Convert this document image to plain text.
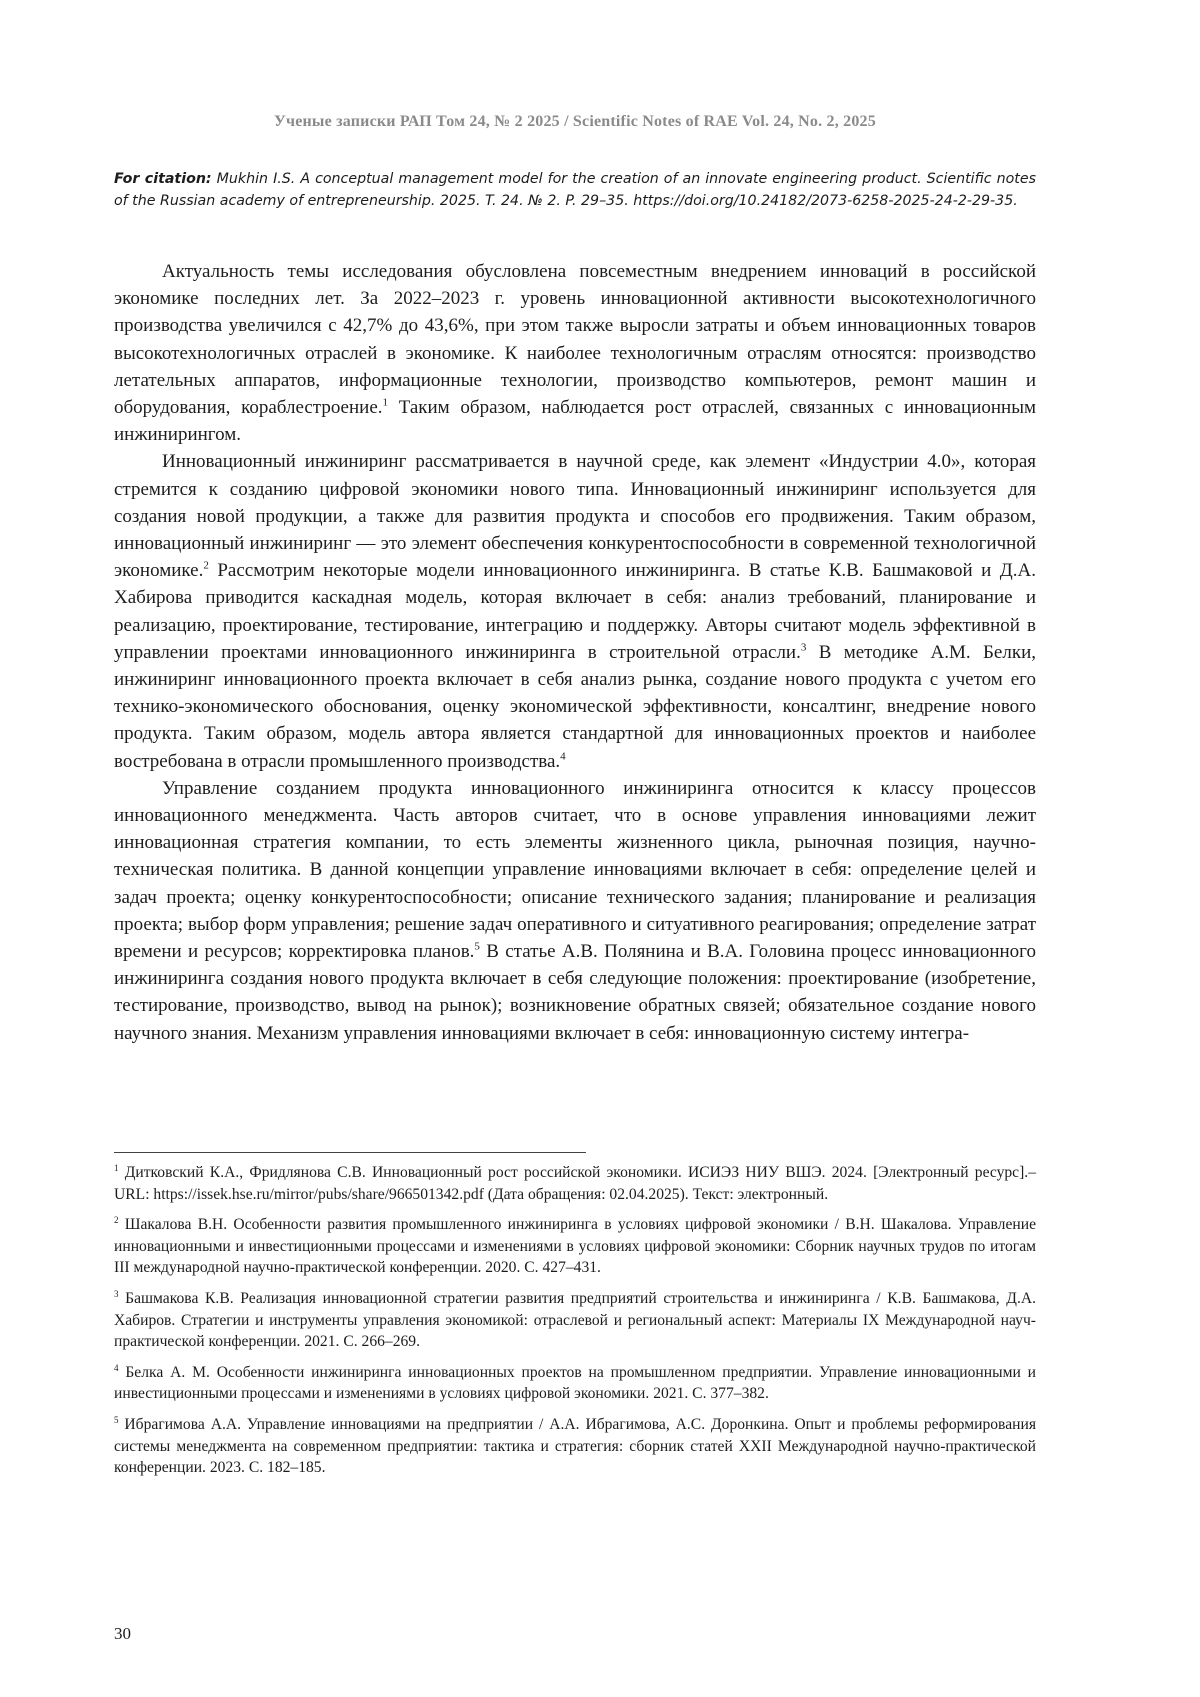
Ученые записки РАП Том 24, № 2 2025 / Scientific Notes of RAE Vol. 24, No. 2, 2025
For citation: Mukhin I.S. A conceptual management model for the creation of an innovate engineering product. Scientific notes of the Russian academy of entrepreneurship. 2025. T. 24. № 2. P. 29–35. https://doi.org/10.24182/2073-6258-2025-24-2-29-35.

Актуальность темы исследования обусловлена повсеместным внедрением инноваций в российской экономике последних лет. За 2022–2023 г. уровень инновационной активности высокотехнологичного производства увеличился с 42,7% до 43,6%, при этом также выросли затраты и объем инновационных товаров высокотехнологичных отраслей в экономике. К наиболее технологичным отраслям относятся: производство летательных аппаратов, информационные технологии, производство компьютеров, ремонт машин и оборудования, кораблестроение.$^1$ Таким образом, наблюдается рост отраслей, связанных с инновационным инжинирингом.

Инновационный инжиниринг рассматривается в научной среде, как элемент «Индустрии 4.0», которая стремится к созданию цифровой экономики нового типа. Инновационный инжиниринг используется для создания новой продукции, а также для развития продукта и способов его продвижения. Таким образом, инновационный инжиниринг — это элемент обеспечения конкурентоспособности в современной технологичной экономике.$^2$ Рассмотрим некоторые модели инновационного инжиниринга. В статье К.В. Башмаковой и Д.А. Хабирова приводится каскадная модель, которая включает в себя: анализ требований, планирование и реализацию, проектирование, тестирование, интеграцию и поддержку. Авторы считают модель эффективной в управлении проектами инновационного инжиниринга в строительной отрасли.$^3$ В методике А.М. Белки, инжиниринг инновационного проекта включает в себя анализ рынка, создание нового продукта с учетом его технико-экономического обоснования, оценку экономической эффективности, консалтинг, внедрение нового продукта. Таким образом, модель автора является стандартной для инновационных проектов и наиболее востребована в отрасли промышленного производства.$^4$

Управление созданием продукта инновационного инжиниринга относится к классу процессов инновационного менеджмента. Часть авторов считает, что в основе управления инновациями лежит инновационная стратегия компании, то есть элементы жизненного цикла, рыночная позиция, научно-техническая политика. В данной концепции управление инновациями включает в себя: определение целей и задач проекта; оценку конкурентоспособности; описание технического задания; планирование и реализация проекта; выбор форм управления; решение задач оперативного и ситуативного реагирования; определение затрат времени и ресурсов; корректировка планов.$^5$ В статье А.В. Полянина и В.А. Головина процесс инновационного инжиниринга создания нового продукта включает в себя следующие положения: проектирование (изобретение, тестирование, производство, вывод на рынок); возникновение обратных связей; обязательное создание нового научного знания. Механизм управления инновациями включает в себя: инновационную систему интегра-

$^1$ Дитковский К.А., Фридлянова С.В. Инновационный рост российской экономики. ИСИЭЗ НИУ ВШЭ. 2024. [Электронный ресурс].– URL: https://issek.hse.ru/mirror/pubs/share/966501342.pdf (Дата обращения: 02.04.2025). Текст: электронный.

$^2$ Шакалова В.Н. Особенности развития промышленного инжиниринга в условиях цифровой экономики / В.Н. Шакалова. Управление инновационными и инвестиционными процессами и изменениями в условиях цифровой экономики: Сборник научных трудов по итогам III международной научно-практической конференции. 2020. С. 427–431.

$^3$ Башмакова К.В. Реализация инновационной стратегии развития предприятий строительства и инжиниринга / К.В. Башмакова, Д.А. Хабиров. Стратегии и инструменты управления экономикой: отраслевой и региональный аспект: Материалы IX Международной науч-практической конференции. 2021. С. 266–269.

$^4$ Белка А. М. Особенности инжиниринга инновационных проектов на промышленном предприятии. Управление инновационными и инвестиционными процессами и изменениями в условиях цифровой экономики. 2021. С. 377–382.

$^5$ Ибрагимова А.А. Управление инновациями на предприятии / А.А. Ибрагимова, А.С. Доронкина. Опыт и проблемы реформирования системы менеджмента на современном предприятии: тактика и стратегия: сборник статей XXII Международной научно-практической конференции. 2023. С. 182–185.

30
